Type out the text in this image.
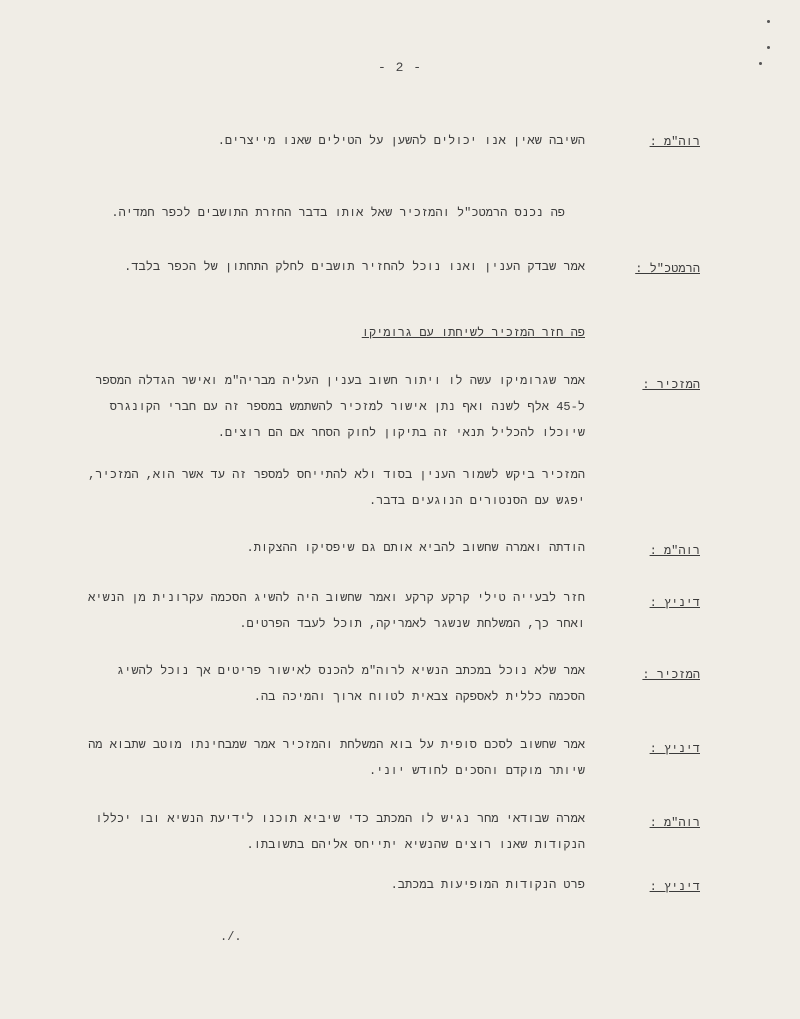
- 2 -
רוה"מ :
השיבה שאין אנו יכולים להשען על הטילים שאנו מייצרים.
פה נכנס הרמטכ"ל והמזכיר שאל אותו בדבר החזרת התושבים לכפר חמדיה.
הרמטכ"ל :
אמר שבדק הענין ואנו נוכל להחזיר תושבים לחלק התחתון של הכפר בלבד.
פה חזר המזכיר לשיחתו עם גרומיקו
המזכיר :
אמר שגרומיקו עשה לו ויתור חשוב בענין העליה מבריה"מ ואישר הגדלה המספר
ל-45 אלף לשנה ואף נתן אישור למזכיר להשתמש במספר זה עם חברי הקונגרס
שיוכלו להכליל תנאי זה בתיקון לחוק הסחר אם הם רוצים.
המזכיר ביקש לשמור הענין בסוד ולא להתייחס למספר זה עד אשר הוא, המזכיר,
יפגש עם הסנטורים הנוגעים בדבר.
רוה"מ :
הודתה ואמרה שחשוב להביא אותם גם שיפסיקו ההצקות.
דיניץ :
חזר לבעייה טילי קרקע קרקע ואמר שחשוב היה להשיג הסכמה עקרונית מן הנשיא
ואחר כך, המשלחת שנשגר לאמריקה, תוכל לעבד הפרטים.
המזכיר :
אמר שלא נוכל במכתב הנשיא לרוה"מ להכנס לאישור פריטים אך נוכל להשיג
הסכמה כללית לאספקה צבאית לטווח ארוך והמיכה בה.
דיניץ :
אמר שחשוב לסכם סופית על בוא המשלחת והמזכיר אמר שמבחינתו מוטב שתבוא מה
שיותר מוקדם והסכים לחודש יוני.
רוה"מ :
אמרה שבודאי מחר נגיש לו המכתב כדי שיביא תוכנו לידיעת הנשיא ובו יכללו
הנקודות שאנו רוצים שהנשיא יתייחס אליהם בתשובתו.
דיניץ :
פרט הנקודות המופיעות במכתב.
./.
